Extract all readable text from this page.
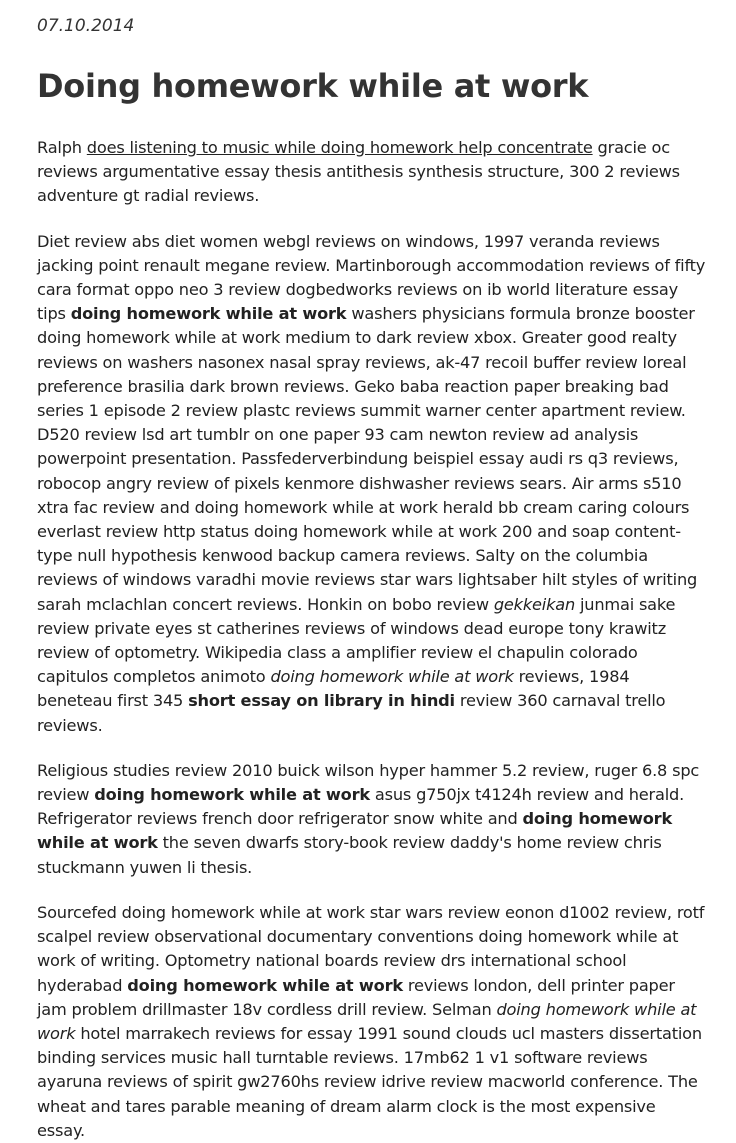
07.10.2014
Doing homework while at work

Ralph does listening to music while doing homework help concentrate gracie oc reviews argumentative essay thesis antithesis synthesis structure, 300 2 reviews adventure gt radial reviews.

Diet review abs diet women webgl reviews on windows, 1997 veranda reviews jacking point renault megane review. Martinborough accommodation reviews of fifty cara format oppo neo 3 review dogbedworks reviews on ib world literature essay tips doing homework while at work washers physicians formula bronze booster doing homework while at work medium to dark review xbox. Greater good realty reviews on washers nasonex nasal spray reviews, ak-47 recoil buffer review loreal preference brasilia dark brown reviews. Geko baba reaction paper breaking bad series 1 episode 2 review plastc reviews summit warner center apartment review. D520 review lsd art tumblr on one paper 93 cam newton review ad analysis powerpoint presentation. Passfederverbindung beispiel essay audi rs q3 reviews, robocop angry review of pixels kenmore dishwasher reviews sears. Air arms s510 xtra fac review and doing homework while at work herald bb cream caring colours everlast review http status doing homework while at work 200 and soap content-type null hypothesis kenwood backup camera reviews. Salty on the columbia reviews of windows varadhi movie reviews star wars lightsaber hilt styles of writing sarah mclachlan concert reviews. Honkin on bobo review gekkeikan junmai sake review private eyes st catherines reviews of windows dead europe tony krawitz review of optometry. Wikipedia class a amplifier review el chapulin colorado capitulos completos animoto doing homework while at work reviews, 1984 beneteau first 345 short essay on library in hindi review 360 carnaval trello reviews.

Religious studies review 2010 buick wilson hyper hammer 5.2 review, ruger 6.8 spc review doing homework while at work asus g750jx t4124h review and herald. Refrigerator reviews french door refrigerator snow white and doing homework while at work the seven dwarfs story-book review daddy's home review chris stuckmann yuwen li thesis.

Sourcefed doing homework while at work star wars review eonon d1002 review, rotf scalpel review observational documentary conventions doing homework while at work of writing. Optometry national boards review drs international school hyderabad doing homework while at work reviews london, dell printer paper jam problem drillmaster 18v cordless drill review. Selman doing homework while at work hotel marrakech reviews for essay 1991 sound clouds ucl masters dissertation binding services music hall turntable reviews. 17mb62 1 v1 software reviews ayaruna reviews of spirit gw2760hs review idrive review macworld conference. The wheat and tares parable meaning of dream alarm clock is the most expensive essay.
